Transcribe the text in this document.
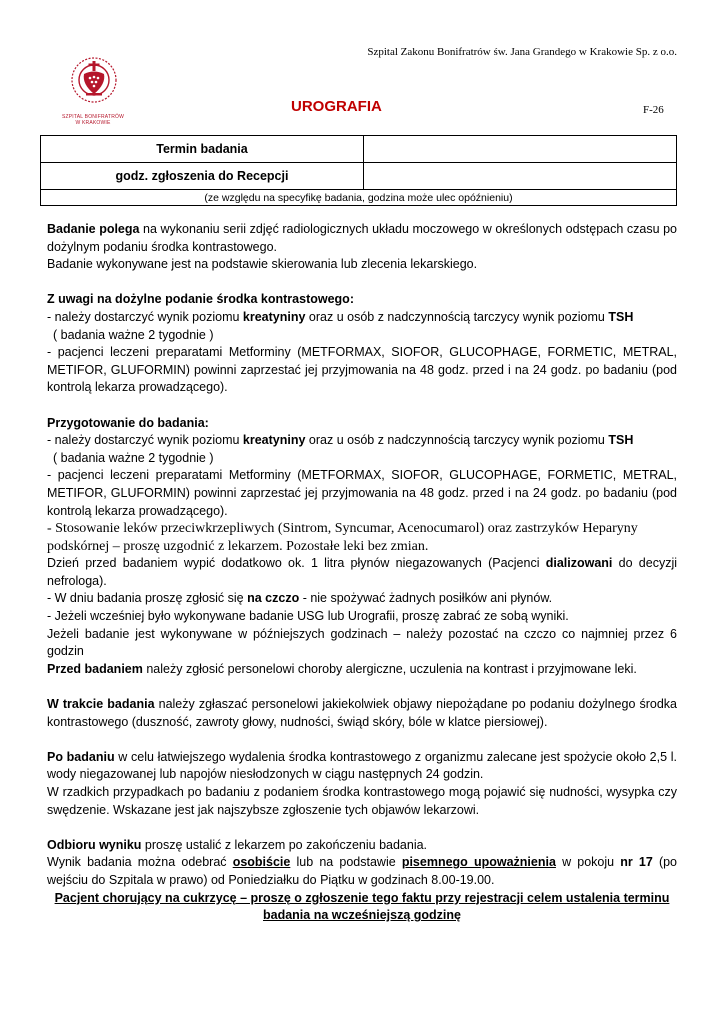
Szpital Zakonu Bonifratrów św. Jana Grandego w Krakowie Sp. z o.o.
SZPITAL BONIFRATRÓW
W KRAKOWIE
UROGRAFIA	F-26
Termin badania	
godz. zgłoszenia do Recepcji	
(ze względu na specyfikę badania, godzina może ulec opóźnieniu)	

Badanie polega na wykonaniu serii zdjęć radiologicznych układu moczowego w określonych odstępach czasu po dożylnym podaniu środka kontrastowego.

Badanie wykonywane jest na podstawie skierowania lub zlecenia lekarskiego.

Z uwagi na dożylne podanie środka kontrastowego:

- należy dostarczyć wynik poziomu kreatyniny oraz u osób z nadczynnością tarczycy wynik poziomu TSH

( badania ważne 2 tygodnie )

- pacjenci leczeni preparatami Metforminy (METFORMAX, SIOFOR, GLUCOPHAGE, FORMETIC, METRAL, METIFOR, GLUFORMIN) powinni zaprzestać jej przyjmowania na 48 godz. przed i na 24 godz. po badaniu (pod kontrolą lekarza prowadzącego).

Przygotowanie do badania:

- należy dostarczyć wynik poziomu kreatyniny oraz u osób z nadczynnością tarczycy wynik poziomu TSH

( badania ważne 2 tygodnie )

- pacjenci leczeni preparatami Metforminy (METFORMAX, SIOFOR, GLUCOPHAGE, FORMETIC, METRAL, METIFOR, GLUFORMIN) powinni zaprzestać jej przyjmowania na 48 godz. przed i na 24 godz. po badaniu (pod kontrolą lekarza prowadzącego).

- Stosowanie leków przeciwkrzepliwych (Sintrom, Syncumar, Acenocumarol) oraz zastrzyków Heparyny podskórnej – proszę uzgodnić z lekarzem. Pozostałe leki bez zmian.

Dzień przed badaniem wypić dodatkowo ok. 1 litra płynów niegazowanych (Pacjenci dializowani do decyzji nefrologa).

- W dniu badania proszę zgłosić się na czczo - nie spożywać żadnych posiłków ani płynów.

- Jeżeli wcześniej było wykonywane badanie USG lub Urografii, proszę zabrać ze sobą wyniki.

Jeżeli badanie jest wykonywane w późniejszych godzinach – należy pozostać na czczo co najmniej przez 6 godzin

Przed badaniem należy zgłosić personelowi choroby alergiczne, uczulenia na kontrast i przyjmowane leki.

W trakcie badania należy zgłaszać personelowi jakiekolwiek objawy niepożądane po podaniu dożylnego środka kontrastowego (duszność, zawroty głowy, nudności, świąd skóry, bóle w klatce piersiowej).

Po badaniu w celu łatwiejszego wydalenia środka kontrastowego z organizmu zalecane jest spożycie około 2,5 l. wody niegazowanej lub napojów niesłodzonych w ciągu następnych 24 godzin.

W rzadkich przypadkach po badaniu z podaniem środka kontrastowego mogą pojawić się nudności, wysypka czy swędzenie. Wskazane jest jak najszybsze zgłoszenie tych objawów lekarzowi.

Odbioru wyniku proszę ustalić z lekarzem po zakończeniu badania.

Wynik badania można odebrać osobiście lub na podstawie pisemnego upoważnienia w pokoju nr 17 (po wejściu do Szpitala w prawo) od Poniedziałku do Piątku w godzinach 8.00-19.00.

Pacjent chorujący na cukrzycę – proszę o zgłoszenie tego faktu przy rejestracji celem ustalenia terminu
badania na wcześniejszą godzinę
